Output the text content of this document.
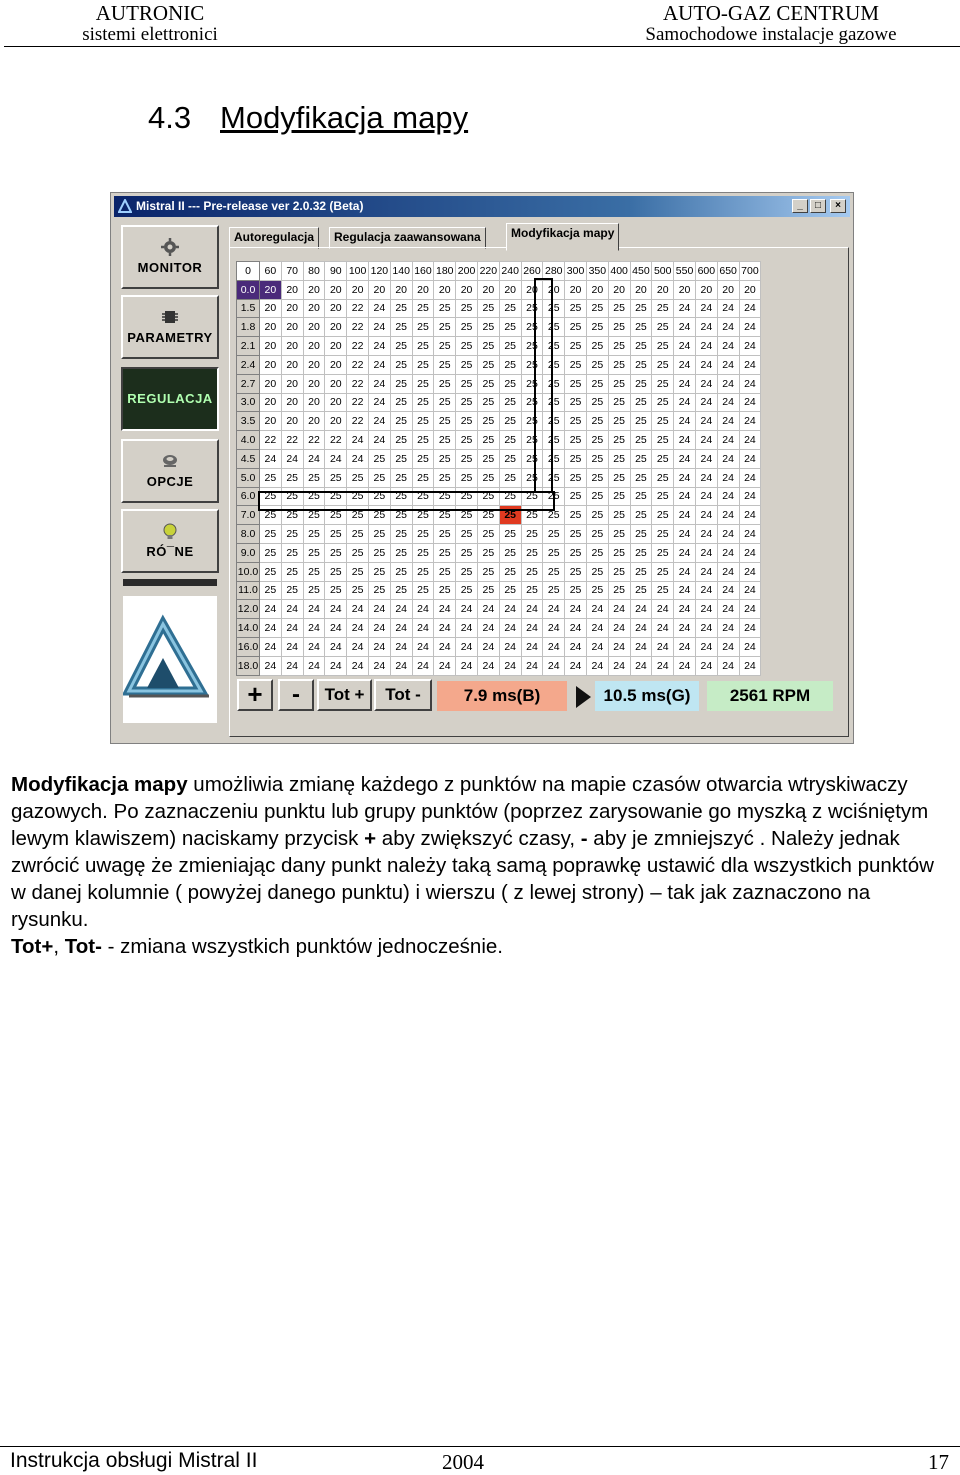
AUTRONIC
sistemi elettronici
AUTO-GAZ CENTRUM
Samochodowe instalacje gazowe
4.3 Modyfikacja mapy
Mistral II --- Pre-release ver 2.0.32 (Beta)	_	□	×
MONITOR
PARAMETRY
REGULACJA
OPCJE
RÓ¯NE
Autoregulacja	Regulacja zaawansowana	Modyfikacja mapy
0	60	70	80	90	100	120	140	160	180	200	220	240	260	280	300	350	400	450	500	550	600	650	700
0.0	20	20	20	20	20	20	20	20	20	20	20	20	20	20	20	20	20	20	20	20	20	20	20
1.5	20	20	20	20	22	24	25	25	25	25	25	25	25	25	25	25	25	25	25	24	24	24	24
1.8	20	20	20	20	22	24	25	25	25	25	25	25	25	25	25	25	25	25	25	24	24	24	24
2.1	20	20	20	20	22	24	25	25	25	25	25	25	25	25	25	25	25	25	25	24	24	24	24
2.4	20	20	20	20	22	24	25	25	25	25	25	25	25	25	25	25	25	25	25	24	24	24	24
2.7	20	20	20	20	22	24	25	25	25	25	25	25	25	25	25	25	25	25	25	24	24	24	24
3.0	20	20	20	20	22	24	25	25	25	25	25	25	25	25	25	25	25	25	25	24	24	24	24
3.5	20	20	20	20	22	24	25	25	25	25	25	25	25	25	25	25	25	25	25	24	24	24	24
4.0	22	22	22	22	24	24	25	25	25	25	25	25	25	25	25	25	25	25	25	24	24	24	24
4.5	24	24	24	24	24	25	25	25	25	25	25	25	25	25	25	25	25	25	25	24	24	24	24
5.0	25	25	25	25	25	25	25	25	25	25	25	25	25	25	25	25	25	25	25	24	24	24	24
6.0	25	25	25	25	25	25	25	25	25	25	25	25	25	25	25	25	25	25	25	24	24	24	24
7.0	25	25	25	25	25	25	25	25	25	25	25	25	25	25	25	25	25	25	25	24	24	24	24
8.0	25	25	25	25	25	25	25	25	25	25	25	25	25	25	25	25	25	25	25	24	24	24	24
9.0	25	25	25	25	25	25	25	25	25	25	25	25	25	25	25	25	25	25	25	24	24	24	24
10.0	25	25	25	25	25	25	25	25	25	25	25	25	25	25	25	25	25	25	25	24	24	24	24
11.0	25	25	25	25	25	25	25	25	25	25	25	25	25	25	25	25	25	25	25	24	24	24	24
12.0	24	24	24	24	24	24	24	24	24	24	24	24	24	24	24	24	24	24	24	24	24	24	24
14.0	24	24	24	24	24	24	24	24	24	24	24	24	24	24	24	24	24	24	24	24	24	24	24
16.0	24	24	24	24	24	24	24	24	24	24	24	24	24	24	24	24	24	24	24	24	24	24	24
18.0	24	24	24	24	24	24	24	24	24	24	24	24	24	24	24	24	24	24	24	24	24	24	24
+	-	Tot +	Tot -	7.9 ms(B)	10.5 ms(G)	2561 RPM
Modyfikacja mapy umożliwia zmianę każdego z punktów na mapie czasów otwarcia wtryskiwaczy gazowych. Po zaznaczeniu punktu lub grupy punktów (poprzez zarysowanie go myszką z wciśniętym lewym klawiszem) naciskamy przycisk + aby zwiększyć czasy, - aby je zmniejszyć . Należy jednak zwrócić uwagę że zmieniając dany punkt należy taką samą poprawkę ustawić dla wszystkich punktów w danej kolumnie ( powyżej danego punktu) i wierszu ( z lewej strony) – tak jak zaznaczono na rysunku.
Tot+, Tot- - zmiana wszystkich punktów jednocześnie.
Instrukcja obsługi Mistral II	2004	17
